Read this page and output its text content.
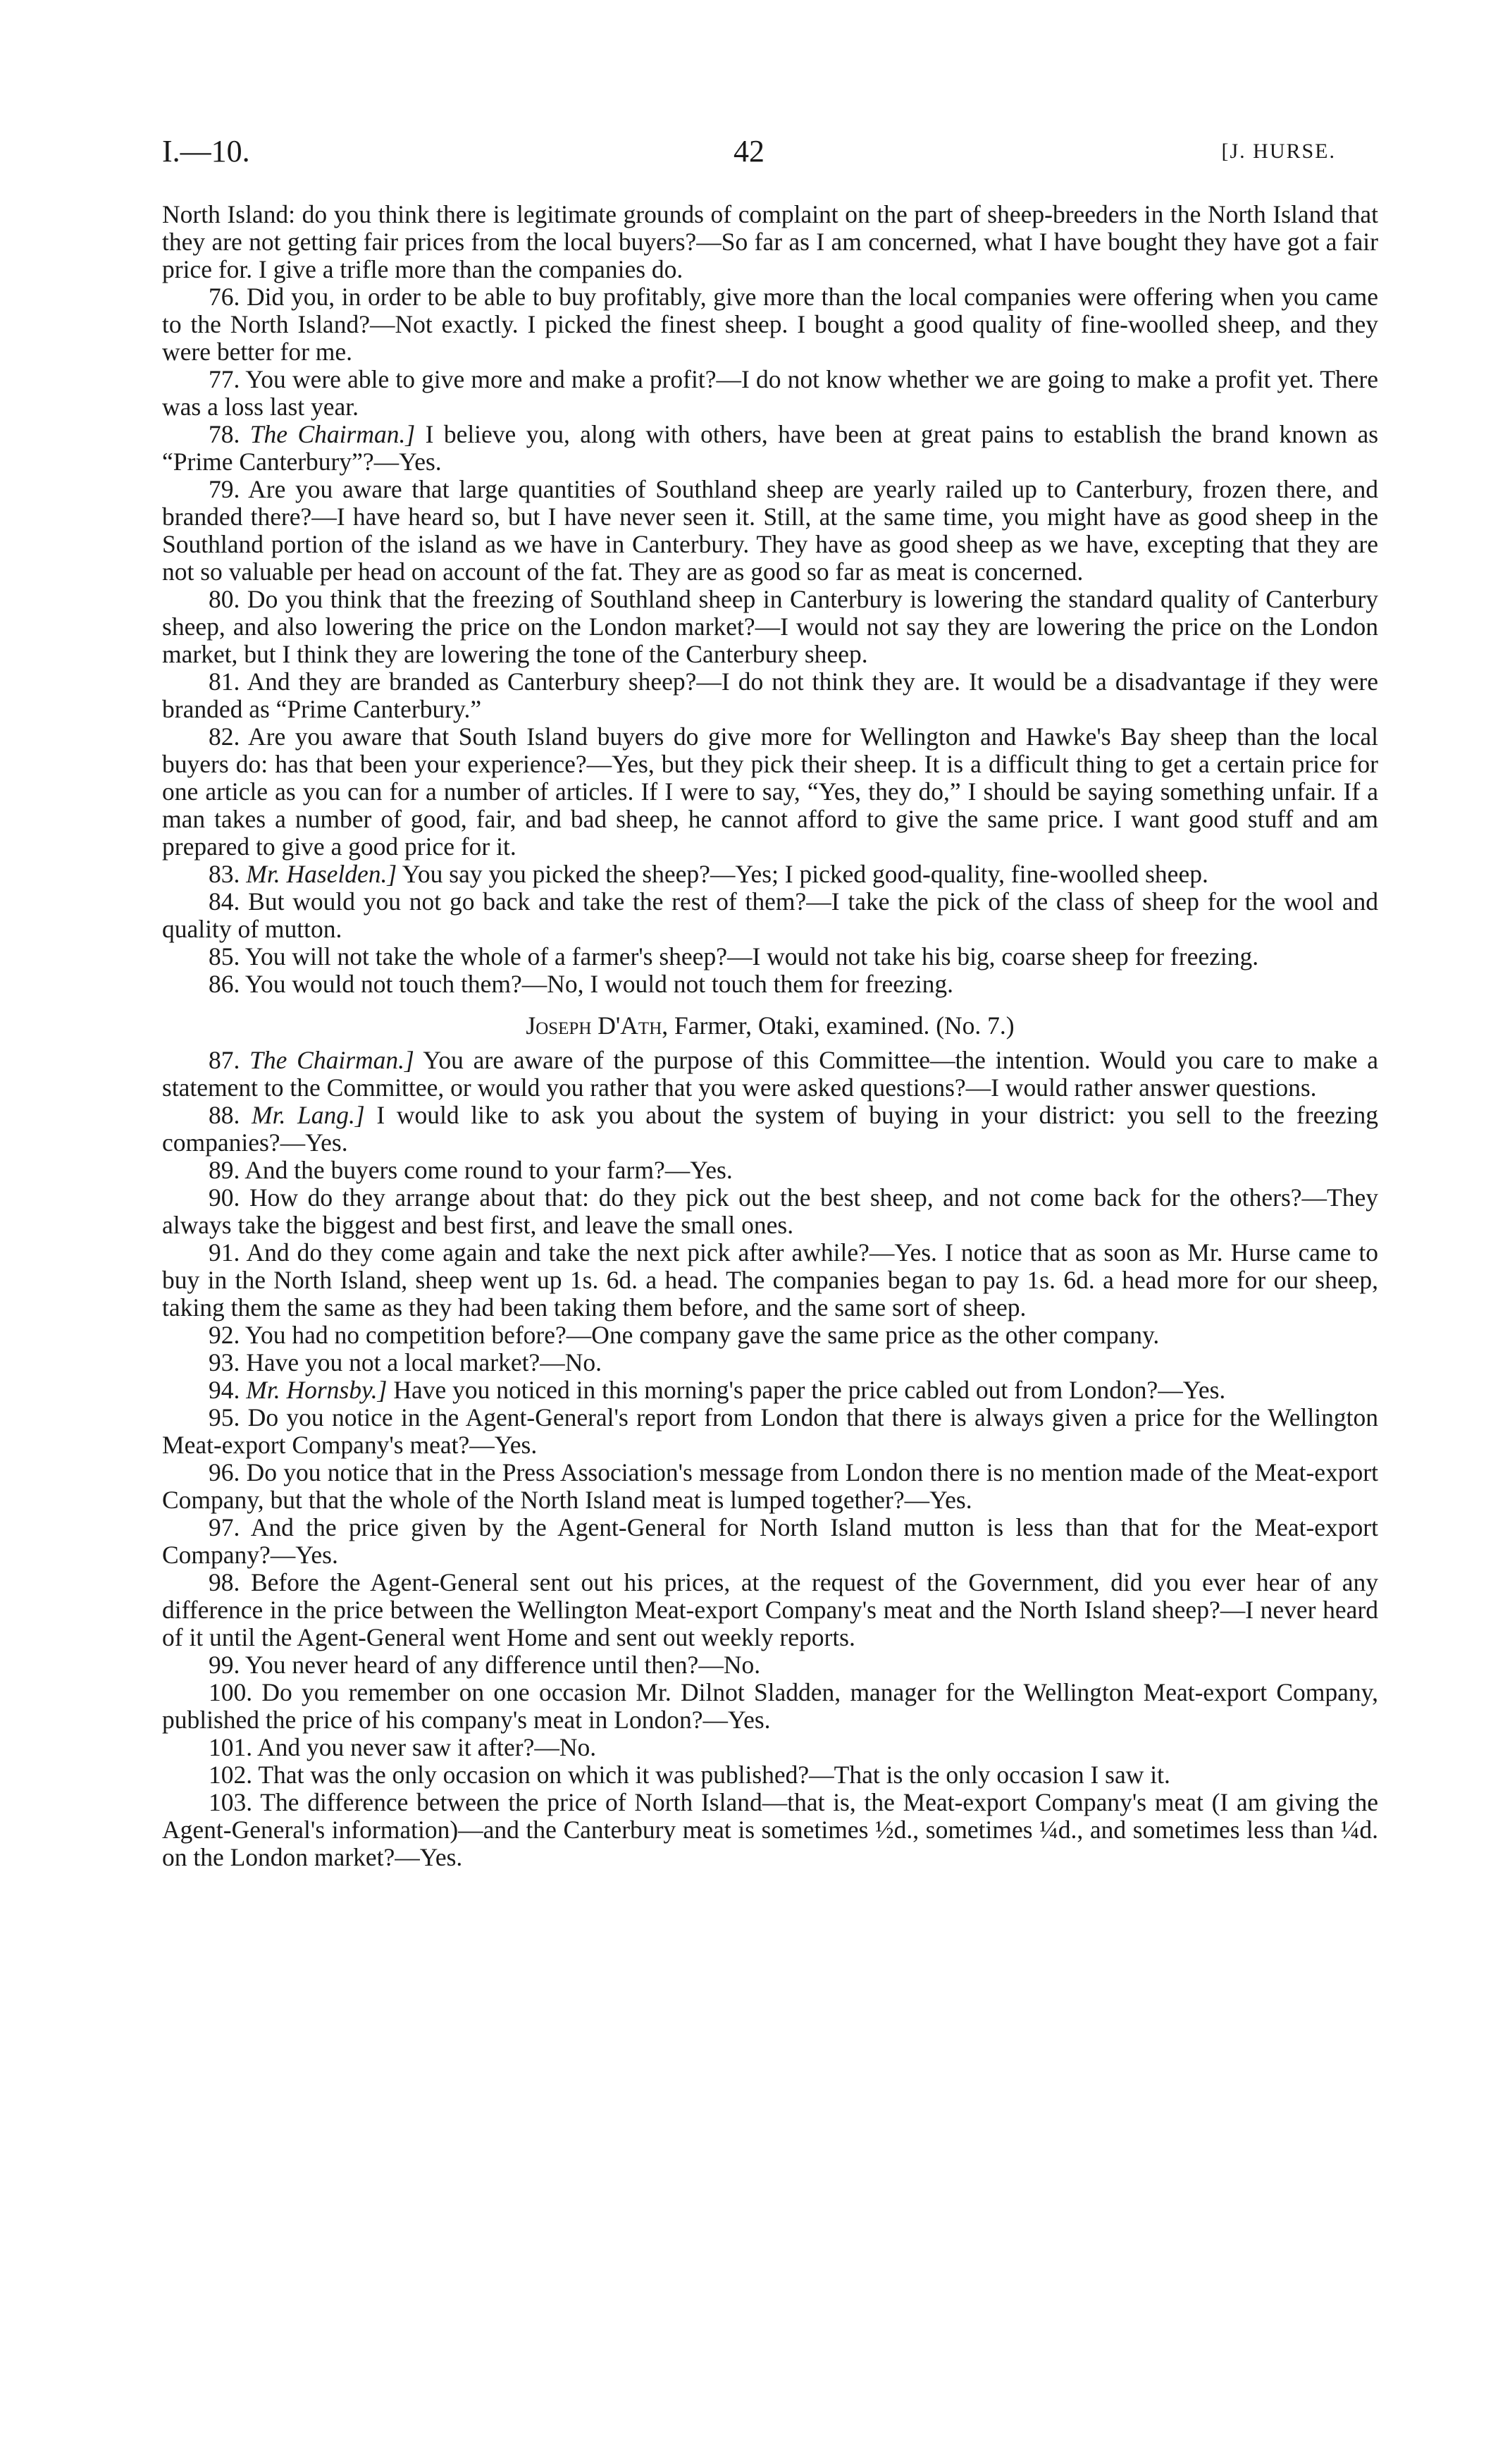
I.—10.	42	[J. HURSE.

North Island: do you think there is legitimate grounds of complaint on the part of sheep-breeders in the North Island that they are not getting fair prices from the local buyers?—So far as I am concerned, what I have bought they have got a fair price for. I give a trifle more than the companies do.

76. Did you, in order to be able to buy profitably, give more than the local companies were offering when you came to the North Island?—Not exactly. I picked the finest sheep. I bought a good quality of fine-woolled sheep, and they were better for me.

77. You were able to give more and make a profit?—I do not know whether we are going to make a profit yet. There was a loss last year.

78. The Chairman.] I believe you, along with others, have been at great pains to establish the brand known as “Prime Canterbury”?—Yes.

79. Are you aware that large quantities of Southland sheep are yearly railed up to Canterbury, frozen there, and branded there?—I have heard so, but I have never seen it. Still, at the same time, you might have as good sheep in the Southland portion of the island as we have in Canterbury. They have as good sheep as we have, excepting that they are not so valuable per head on account of the fat. They are as good so far as meat is concerned.

80. Do you think that the freezing of Southland sheep in Canterbury is lowering the standard quality of Canterbury sheep, and also lowering the price on the London market?—I would not say they are lowering the price on the London market, but I think they are lowering the tone of the Canterbury sheep.

81. And they are branded as Canterbury sheep?—I do not think they are. It would be a disadvantage if they were branded as “Prime Canterbury.”

82. Are you aware that South Island buyers do give more for Wellington and Hawke's Bay sheep than the local buyers do: has that been your experience?—Yes, but they pick their sheep. It is a difficult thing to get a certain price for one article as you can for a number of articles. If I were to say, “Yes, they do,” I should be saying something unfair. If a man takes a number of good, fair, and bad sheep, he cannot afford to give the same price. I want good stuff and am prepared to give a good price for it.

83. Mr. Haselden.] You say you picked the sheep?—Yes; I picked good-quality, fine-woolled sheep.

84. But would you not go back and take the rest of them?—I take the pick of the class of sheep for the wool and quality of mutton.

85. You will not take the whole of a farmer's sheep?—I would not take his big, coarse sheep for freezing.

86. You would not touch them?—No, I would not touch them for freezing.

Joseph D'Ath, Farmer, Otaki, examined. (No. 7.)

87. The Chairman.] You are aware of the purpose of this Committee—the intention. Would you care to make a statement to the Committee, or would you rather that you were asked questions?—I would rather answer questions.

88. Mr. Lang.] I would like to ask you about the system of buying in your district: you sell to the freezing companies?—Yes.

89. And the buyers come round to your farm?—Yes.

90. How do they arrange about that: do they pick out the best sheep, and not come back for the others?—They always take the biggest and best first, and leave the small ones.

91. And do they come again and take the next pick after awhile?—Yes. I notice that as soon as Mr. Hurse came to buy in the North Island, sheep went up 1s. 6d. a head. The companies began to pay 1s. 6d. a head more for our sheep, taking them the same as they had been taking them before, and the same sort of sheep.

92. You had no competition before?—One company gave the same price as the other company.

93. Have you not a local market?—No.

94. Mr. Hornsby.] Have you noticed in this morning's paper the price cabled out from London?—Yes.

95. Do you notice in the Agent-General's report from London that there is always given a price for the Wellington Meat-export Company's meat?—Yes.

96. Do you notice that in the Press Association's message from London there is no mention made of the Meat-export Company, but that the whole of the North Island meat is lumped together?—Yes.

97. And the price given by the Agent-General for North Island mutton is less than that for the Meat-export Company?—Yes.

98. Before the Agent-General sent out his prices, at the request of the Government, did you ever hear of any difference in the price between the Wellington Meat-export Company's meat and the North Island sheep?—I never heard of it until the Agent-General went Home and sent out weekly reports.

99. You never heard of any difference until then?—No.

100. Do you remember on one occasion Mr. Dilnot Sladden, manager for the Wellington Meat-export Company, published the price of his company's meat in London?—Yes.

101. And you never saw it after?—No.

102. That was the only occasion on which it was published?—That is the only occasion I saw it.

103. The difference between the price of North Island—that is, the Meat-export Company's meat (I am giving the Agent-General's information)—and the Canterbury meat is sometimes ½d., sometimes ¼d., and sometimes less than ¼d. on the London market?—Yes.
